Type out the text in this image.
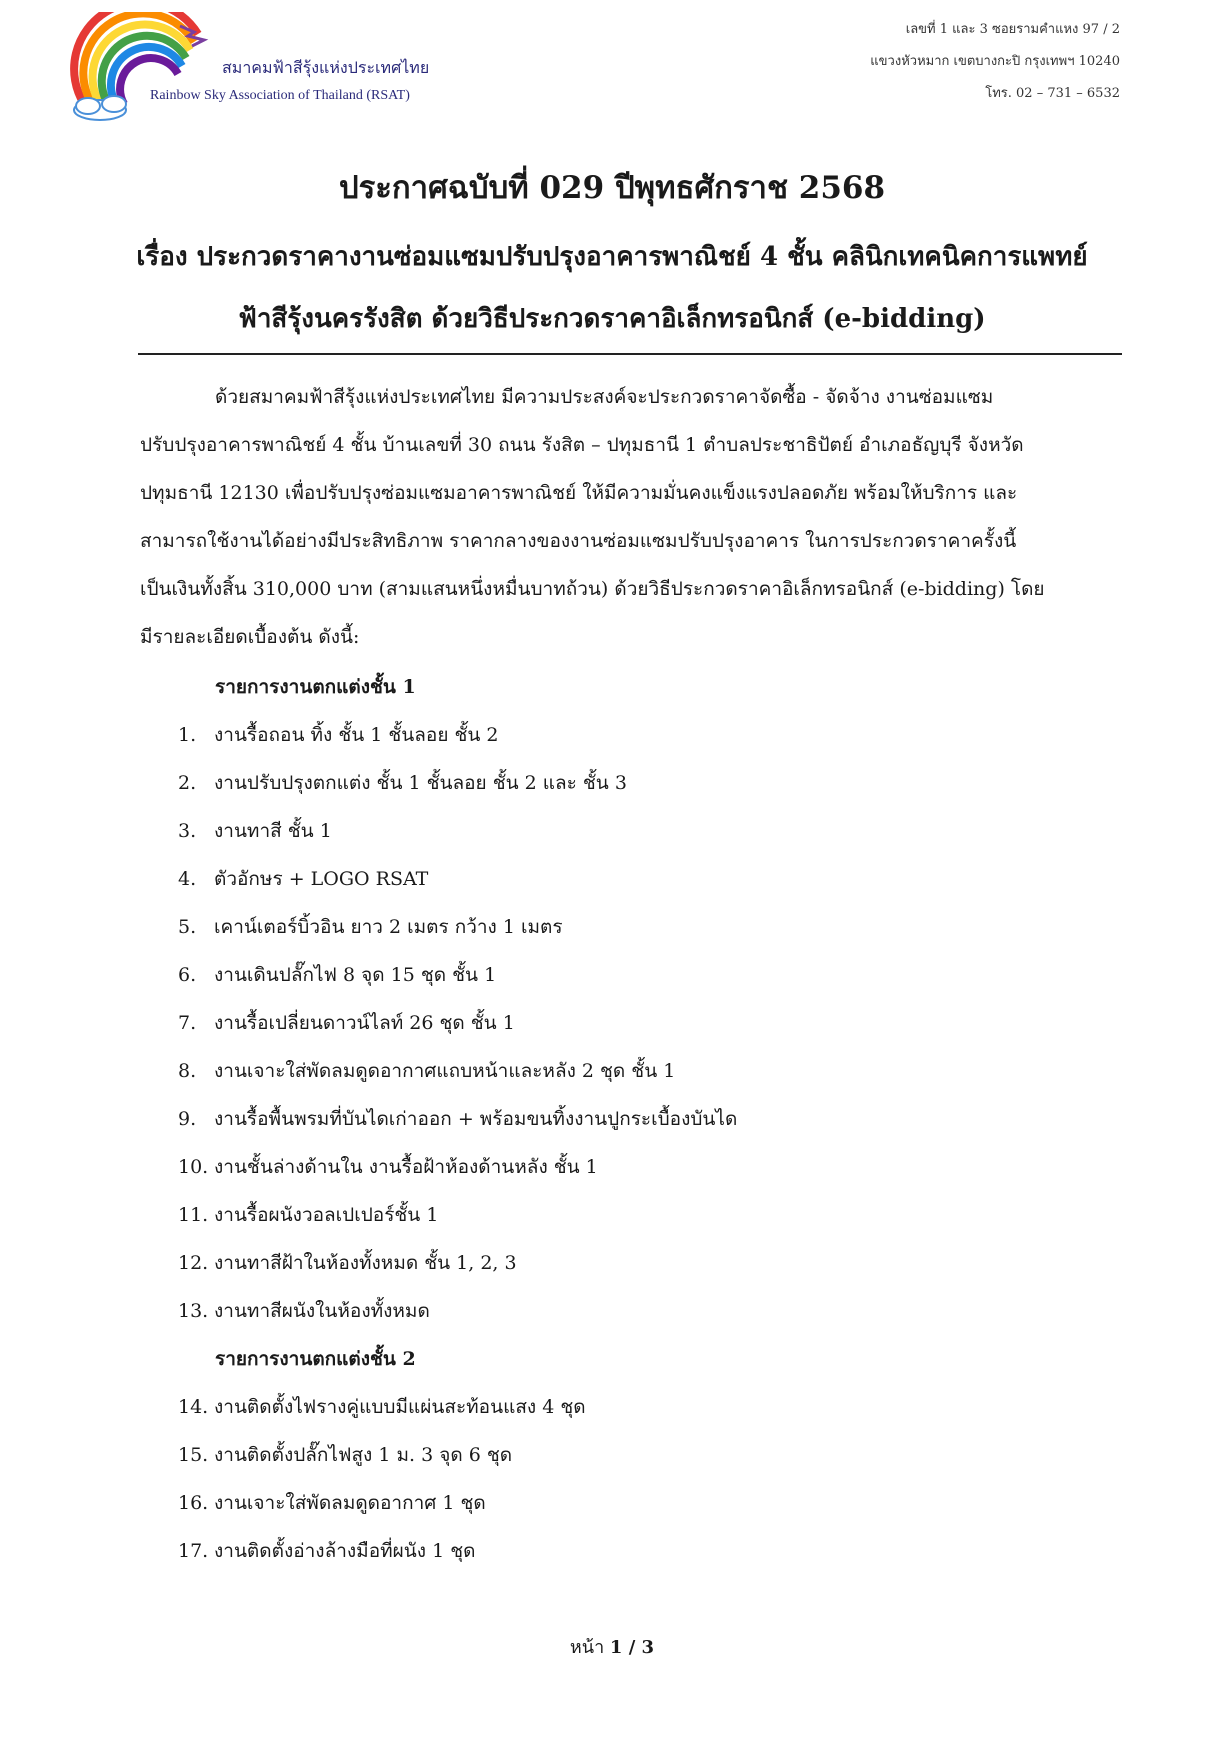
สมาคมฟ้าสีรุ้งแห่งประเทศไทย
Rainbow Sky Association of Thailand (RSAT)
เลขที่ 1 และ 3 ซอยรามคำแหง 97 / 2
แขวงหัวหมาก เขตบางกะปิ กรุงเทพฯ 10240
โทร. 02 – 731 – 6532
ประกาศฉบับที่ 029 ปีพุทธศักราช 2568
เรื่อง ประกวดราคางานซ่อมแซมปรับปรุงอาคารพาณิชย์ 4 ชั้น คลินิกเทคนิคการแพทย์
ฟ้าสีรุ้งนครรังสิต ด้วยวิธีประกวดราคาอิเล็กทรอนิกส์ (e-bidding)
ด้วยสมาคมฟ้าสีรุ้งแห่งประเทศไทย มีความประสงค์จะประกวดราคาจัดซื้อ - จัดจ้าง งานซ่อมแซม
ปรับปรุงอาคารพาณิชย์ 4 ชั้น บ้านเลขที่ 30 ถนน รังสิต – ปทุมธานี 1 ตำบลประชาธิปัตย์ อำเภอธัญบุรี จังหวัด
ปทุมธานี 12130 เพื่อปรับปรุงซ่อมแซมอาคารพาณิชย์ ให้มีความมั่นคงแข็งแรงปลอดภัย พร้อมให้บริการ และ
สามารถใช้งานได้อย่างมีประสิทธิภาพ ราคากลางของงานซ่อมแซมปรับปรุงอาคาร ในการประกวดราคาครั้งนี้
เป็นเงินทั้งสิ้น 310,000 บาท (สามแสนหนึ่งหมื่นบาทถ้วน) ด้วยวิธีประกวดราคาอิเล็กทรอนิกส์ (e-bidding) โดย
มีรายละเอียดเบื้องต้น ดังนี้:
รายการงานตกแต่งชั้น 1
1. งานรื้อถอน ทิ้ง ชั้น 1 ชั้นลอย ชั้น 2
2. งานปรับปรุงตกแต่ง ชั้น 1 ชั้นลอย ชั้น 2 และ ชั้น 3
3. งานทาสี ชั้น 1
4. ตัวอักษร + LOGO RSAT
5. เคาน์เตอร์บิ้วอิน ยาว 2 เมตร กว้าง 1 เมตร
6. งานเดินปลั๊กไฟ 8 จุด 15 ชุด ชั้น 1
7. งานรื้อเปลี่ยนดาวน์ไลท์ 26 ชุด ชั้น 1
8. งานเจาะใส่พัดลมดูดอากาศแถบหน้าและหลัง 2 ชุด ชั้น 1
9. งานรื้อพื้นพรมที่บันไดเก่าออก + พร้อมขนทิ้งงานปูกระเบื้องบันได
10. งานชั้นล่างด้านใน งานรื้อฝ้าห้องด้านหลัง ชั้น 1
11. งานรื้อผนังวอลเปเปอร์ชั้น 1
12. งานทาสีฝ้าในห้องทั้งหมด ชั้น 1, 2, 3
13. งานทาสีผนังในห้องทั้งหมด
รายการงานตกแต่งชั้น 2
14. งานติดตั้งไฟรางคู่แบบมีแผ่นสะท้อนแสง 4 ชุด
15. งานติดตั้งปลั๊กไฟสูง 1 ม. 3 จุด 6 ชุด
16. งานเจาะใส่พัดลมดูดอากาศ 1 ชุด
17. งานติดตั้งอ่างล้างมือที่ผนัง 1 ชุด
หน้า 1 / 3
